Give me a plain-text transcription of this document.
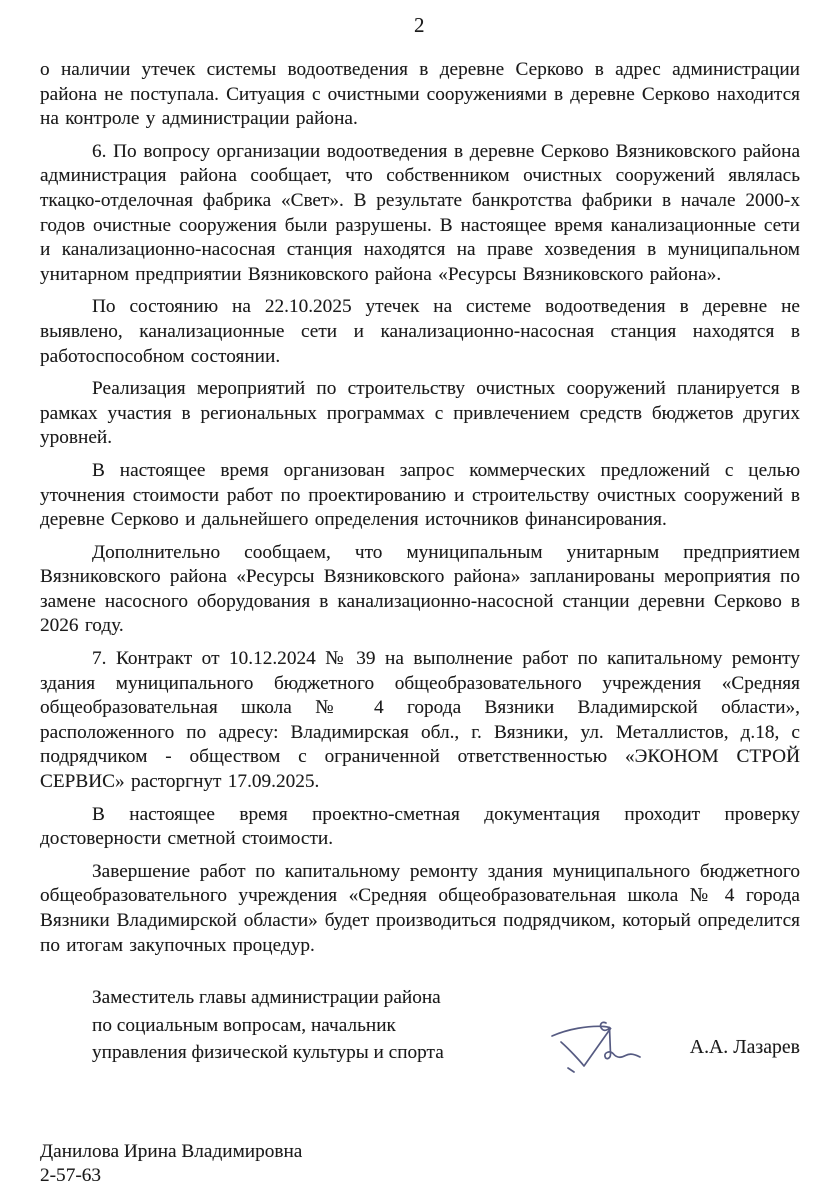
2

о наличии утечек системы водоотведения в деревне Серково в адрес администрации района не поступала. Ситуация с очистными сооружениями в деревне Серково находится на контроле у администрации района.

6. По вопросу организации водоотведения в деревне Серково Вязниковского района администрация района сообщает, что собственником очистных сооружений являлась ткацко-отделочная фабрика «Свет». В результате банкротства фабрики в начале 2000-х годов очистные сооружения были разрушены. В настоящее время канализационные сети и канализационно-насосная станция находятся на праве хозведения в муниципальном унитарном предприятии Вязниковского района «Ресурсы Вязниковского района».

По состоянию на 22.10.2025 утечек на системе водоотведения в деревне не выявлено, канализационные сети и канализационно-насосная станция находятся в работоспособном состоянии.

Реализация мероприятий по строительству очистных сооружений планируется в рамках участия в региональных программах с привлечением средств бюджетов других уровней.

В настоящее время организован запрос коммерческих предложений с целью уточнения стоимости работ по проектированию и строительству очистных сооружений в деревне Серково и дальнейшего определения источников финансирования.

Дополнительно сообщаем, что муниципальным унитарным предприятием Вязниковского района «Ресурсы Вязниковского района» запланированы мероприятия по замене насосного оборудования в канализационно-насосной станции деревни Серково в 2026 году.

7. Контракт от 10.12.2024 № 39 на выполнение работ по капитальному ремонту здания муниципального бюджетного общеобразовательного учреждения «Средняя общеобразовательная школа № 4 города Вязники Владимирской области», расположенного по адресу: Владимирская обл., г. Вязники, ул. Металлистов, д.18, с подрядчиком - обществом с ограниченной ответственностью «ЭКОНОМ СТРОЙ СЕРВИС» расторгнут 17.09.2025.

В настоящее время проектно-сметная документация проходит проверку достоверности сметной стоимости.

Завершение работ по капитальному ремонту здания муниципального бюджетного общеобразовательного учреждения «Средняя общеобразовательная школа № 4 города Вязники Владимирской области» будет производиться подрядчиком, который определится по итогам закупочных процедур.

Заместитель главы администрации района
по социальным вопросам, начальник
управления физической культуры и спорта	А.А. Лазарев
Данилова Ирина Владимировна
2-57-63
